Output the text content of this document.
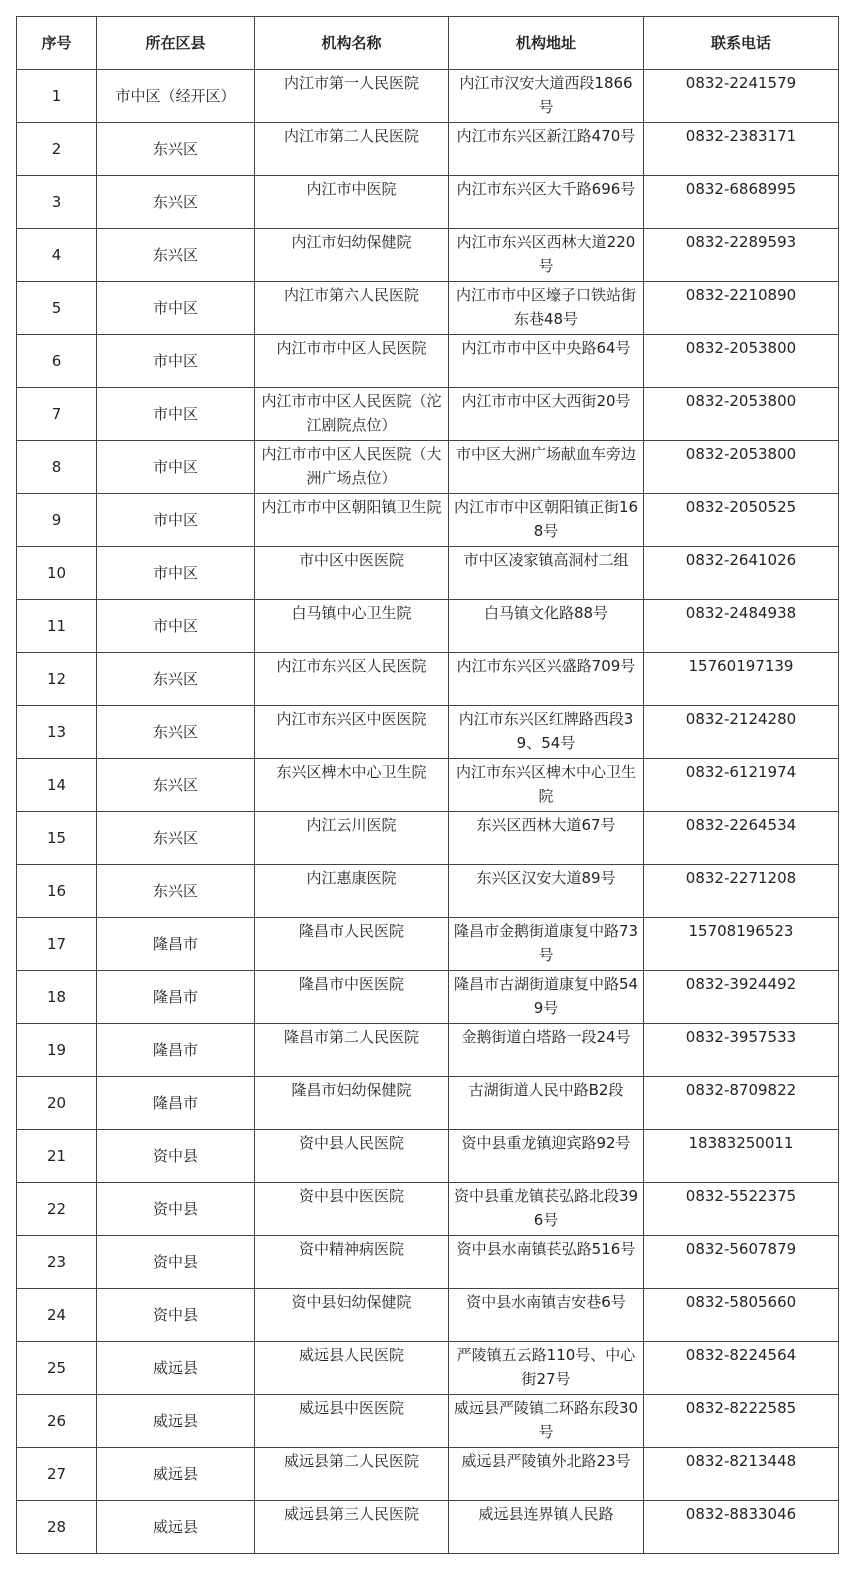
序号	所在区县	机构名称	机构地址	联系电话
1	市中区（经开区）	内江市第一人民医院	内江市汉安大道西段1866号	0832-2241579
2	东兴区	内江市第二人民医院	内江市东兴区新江路470号	0832-2383171
3	东兴区	内江市中医院	内江市东兴区大千路696号	0832-6868995
4	东兴区	内江市妇幼保健院	内江市东兴区西林大道220号	0832-2289593
5	市中区	内江市第六人民医院	内江市市中区壕子口铁站街东巷48号	0832-2210890
6	市中区	内江市市中区人民医院	内江市市中区中央路64号	0832-2053800
7	市中区	内江市市中区人民医院（沱江剧院点位）	内江市市中区大西街20号	0832-2053800
8	市中区	内江市市中区人民医院（大洲广场点位）	市中区大洲广场献血车旁边	0832-2053800
9	市中区	内江市市中区朝阳镇卫生院	内江市市中区朝阳镇正街168号	0832-2050525
10	市中区	市中区中医医院	市中区凌家镇高洞村二组	0832-2641026
11	市中区	白马镇中心卫生院	白马镇文化路88号	0832-2484938
12	东兴区	内江市东兴区人民医院	内江市东兴区兴盛路709号	15760197139
13	东兴区	内江市东兴区中医医院	内江市东兴区红牌路西段39、54号	0832-2124280
14	东兴区	东兴区椑木中心卫生院	内江市东兴区椑木中心卫生院	0832-6121974
15	东兴区	内江云川医院	东兴区西林大道67号	0832-2264534
16	东兴区	内江惠康医院	东兴区汉安大道89号	0832-2271208
17	隆昌市	隆昌市人民医院	隆昌市金鹅街道康复中路73号	15708196523
18	隆昌市	隆昌市中医医院	隆昌市古湖街道康复中路549号	0832-3924492
19	隆昌市	隆昌市第二人民医院	金鹅街道白塔路一段24号	0832-3957533
20	隆昌市	隆昌市妇幼保健院	古湖街道人民中路B2段	0832-8709822
21	资中县	资中县人民医院	资中县重龙镇迎宾路92号	18383250011
22	资中县	资中县中医医院	资中县重龙镇苌弘路北段396号	0832-5522375
23	资中县	资中精神病医院	资中县水南镇苌弘路516号	0832-5607879
24	资中县	资中县妇幼保健院	资中县水南镇吉安巷6号	0832-5805660
25	威远县	威远县人民医院	严陵镇五云路110号、中心街27号	0832-8224564
26	威远县	威远县中医医院	威远县严陵镇二环路东段30号	0832-8222585
27	威远县	威远县第二人民医院	威远县严陵镇外北路23号	0832-8213448
28	威远县	威远县第三人民医院	威远县连界镇人民路	0832-8833046
